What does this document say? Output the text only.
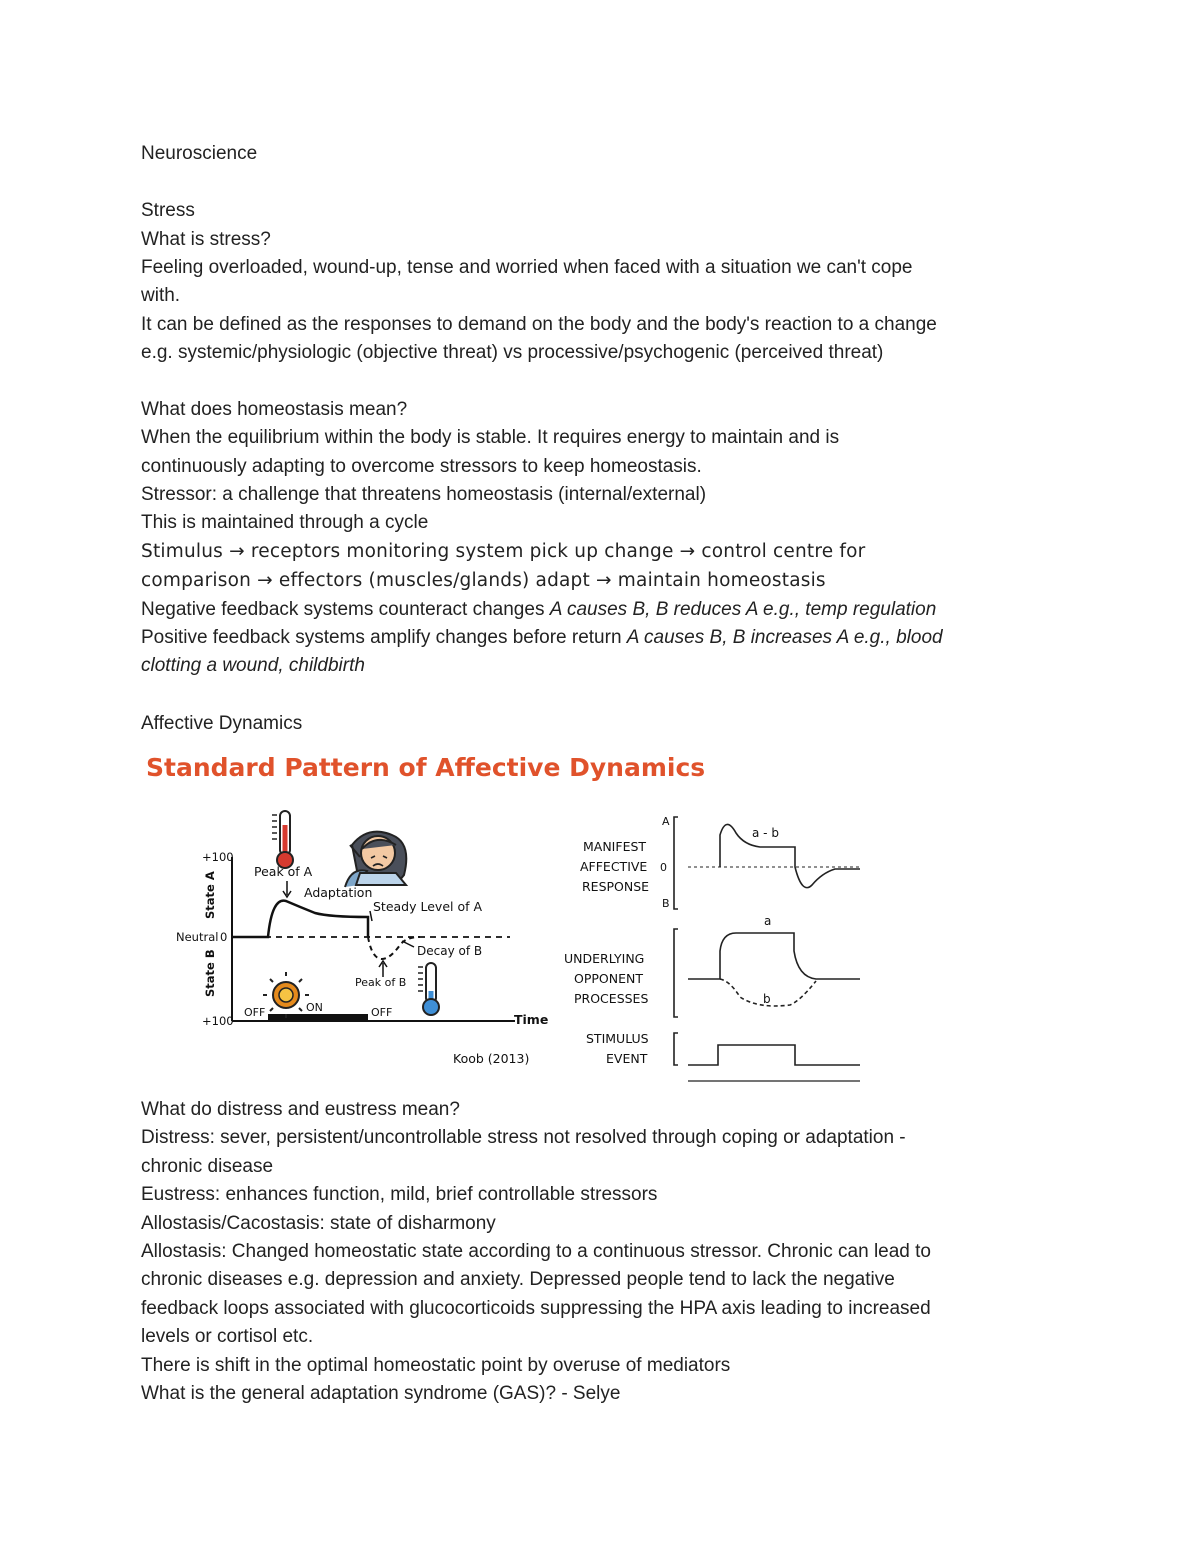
Neuroscience
Stress
What is stress?
Feeling overloaded, wound-up, tense and worried when faced with a situation we can't cope
with.
It can be defined as the responses to demand on the body and the body's reaction to a change
e.g. systemic/physiologic (objective threat) vs processive/psychogenic (perceived threat)
What does homeostasis mean?
When the equilibrium within the body is stable. It requires energy to maintain and is
continuously adapting to overcome stressors to keep homeostasis.
Stressor: a challenge that threatens homeostasis (internal/external)
This is maintained through a cycle
Stimulus → receptors monitoring system pick up change → control centre for
comparison → effectors (muscles/glands) adapt → maintain homeostasis
Negative feedback systems counteract changes A causes B, B reduces A e.g., temp regulation
Positive feedback systems amplify changes before return A causes B, B increases A e.g., blood
clotting a wound, childbirth
Affective Dynamics
Standard Pattern of Affective Dynamics
+100
Neutral 0
+100
State A
State B
Peak of A
Adaptation
Steady Level of A
Decay of B
Peak of B
OFF	ON	OFF	Time
Koob (2013)
MANIFEST
AFFECTIVE
RESPONSE
A
0
B
a - b
UNDERLYING
OPPONENT
PROCESSES
a
b
STIMULUS
EVENT
What do distress and eustress mean?
Distress: sever, persistent/uncontrollable stress not resolved through coping or adaptation -
chronic disease
Eustress: enhances function, mild, brief controllable stressors
Allostasis/Cacostasis: state of disharmony
Allostasis: Changed homeostatic state according to a continuous stressor. Chronic can lead to
chronic diseases e.g. depression and anxiety. Depressed people tend to lack the negative
feedback loops associated with glucocorticoids suppressing the HPA axis leading to increased
levels or cortisol etc.
There is shift in the optimal homeostatic point by overuse of mediators
What is the general adaptation syndrome (GAS)? - Selye
